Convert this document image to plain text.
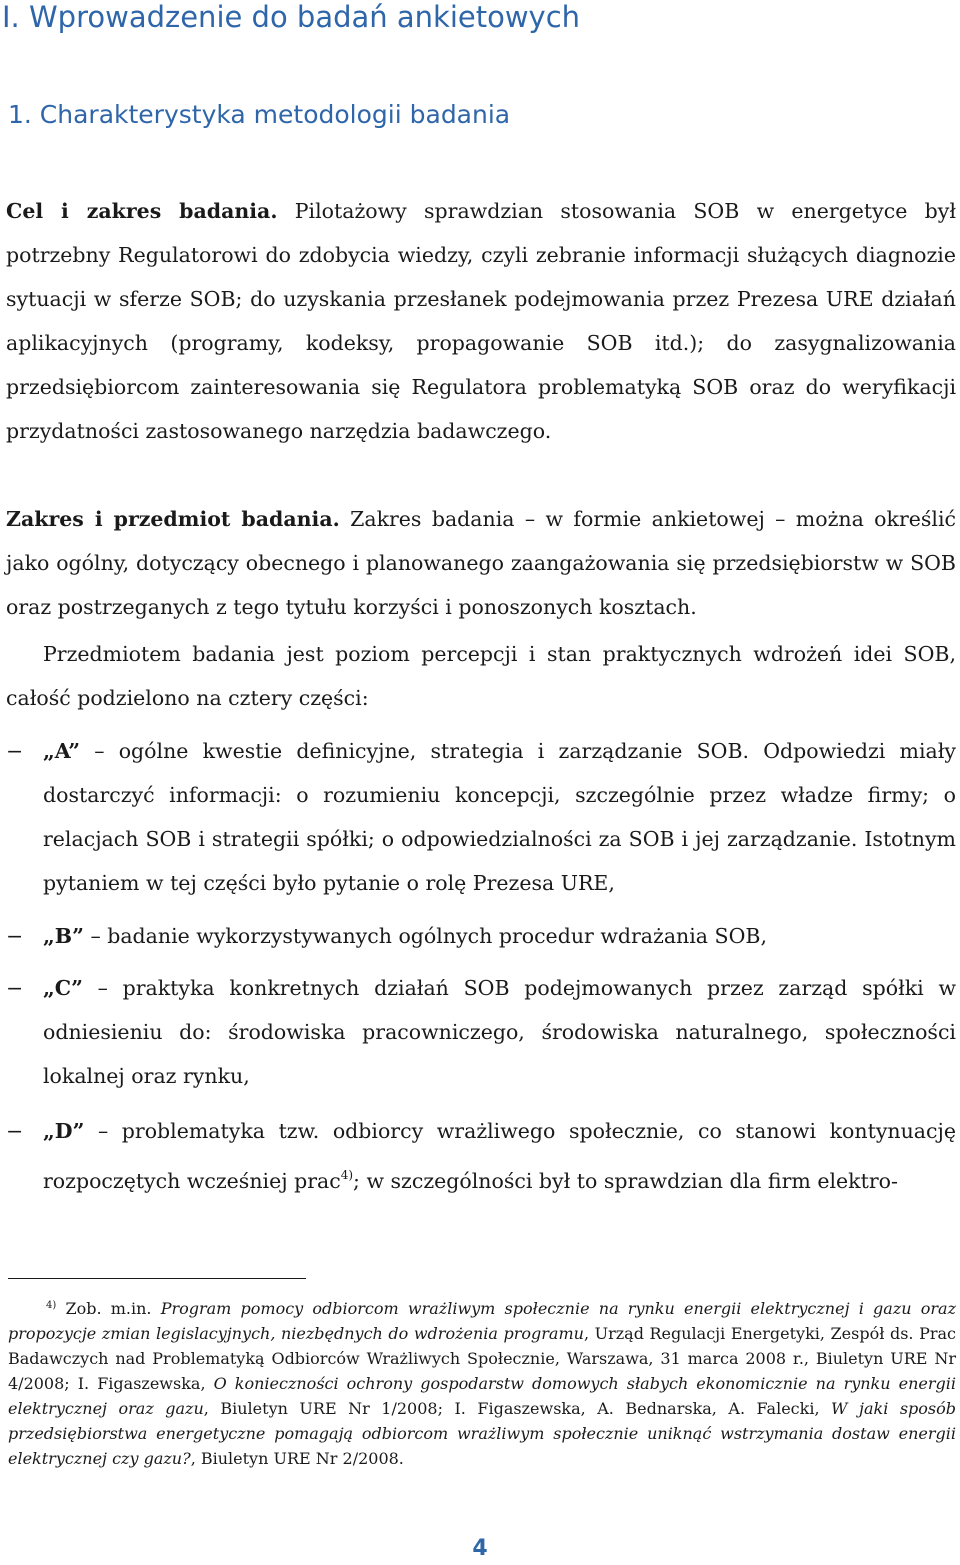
I. Wprowadzenie do badań ankietowych
1. Charakterystyka metodologii badania
Cel i zakres badania. Pilotażowy sprawdzian stosowania SOB w energetyce był potrzebny Regulatorowi do zdobycia wiedzy, czyli zebranie informacji służących diagnozie sytuacji w sferze SOB; do uzyskania przesłanek podejmowania przez Prezesa URE działań aplikacyjnych (programy, kodeksy, propagowanie SOB itd.); do zasygnalizowania przedsiębiorcom zainteresowania się Regulatora problematyką SOB oraz do weryfikacji przydatności zastosowanego narzędzia badawczego.
Zakres i przedmiot badania. Zakres badania – w formie ankietowej – można określić jako ogólny, dotyczący obecnego i planowanego zaangażowania się przedsiębiorstw w SOB oraz postrzeganych z tego tytułu korzyści i ponoszonych kosztach.
Przedmiotem badania jest poziom percepcji i stan praktycznych wdrożeń idei SOB, całość podzielono na cztery części:
− „A” – ogólne kwestie definicyjne, strategia i zarządzanie SOB. Odpowiedzi miały dostarczyć informacji: o rozumieniu koncepcji, szczególnie przez władze firmy; o relacjach SOB i strategii spółki; o odpowiedzialności za SOB i jej zarządzanie. Istotnym pytaniem w tej części było pytanie o rolę Prezesa URE,
− „B” – badanie wykorzystywanych ogólnych procedur wdrażania SOB,
− „C” – praktyka konkretnych działań SOB podejmowanych przez zarząd spółki w odniesieniu do: środowiska pracowniczego, środowiska naturalnego, społeczności lokalnej oraz rynku,
− „D” – problematyka tzw. odbiorcy wrażliwego społecznie, co stanowi kontynuację rozpoczętych wcześniej prac$^{4)}$; w szczególności był to sprawdzian dla firm elektro-
$^{4)}$ Zob. m.in. Program pomocy odbiorcom wrażliwym społecznie na rynku energii elektrycznej i gazu oraz propozycje zmian legislacyjnych, niezbędnych do wdrożenia programu, Urząd Regulacji Energetyki, Zespół ds. Prac Badawczych nad Problematyką Odbiorców Wrażliwych Społecznie, Warszawa, 31 marca 2008 r., Biuletyn URE Nr 4/2008; I. Figaszewska, O konieczności ochrony gospodarstw domowych słabych ekonomicznie na rynku energii elektrycznej oraz gazu, Biuletyn URE Nr 1/2008; I. Figaszewska, A. Bednarska, A. Falecki, W jaki sposób przedsiębiorstwa energetyczne pomagają odbiorcom wrażliwym społecznie uniknąć wstrzymania dostaw energii elektrycznej czy gazu?, Biuletyn URE Nr 2/2008.
4
